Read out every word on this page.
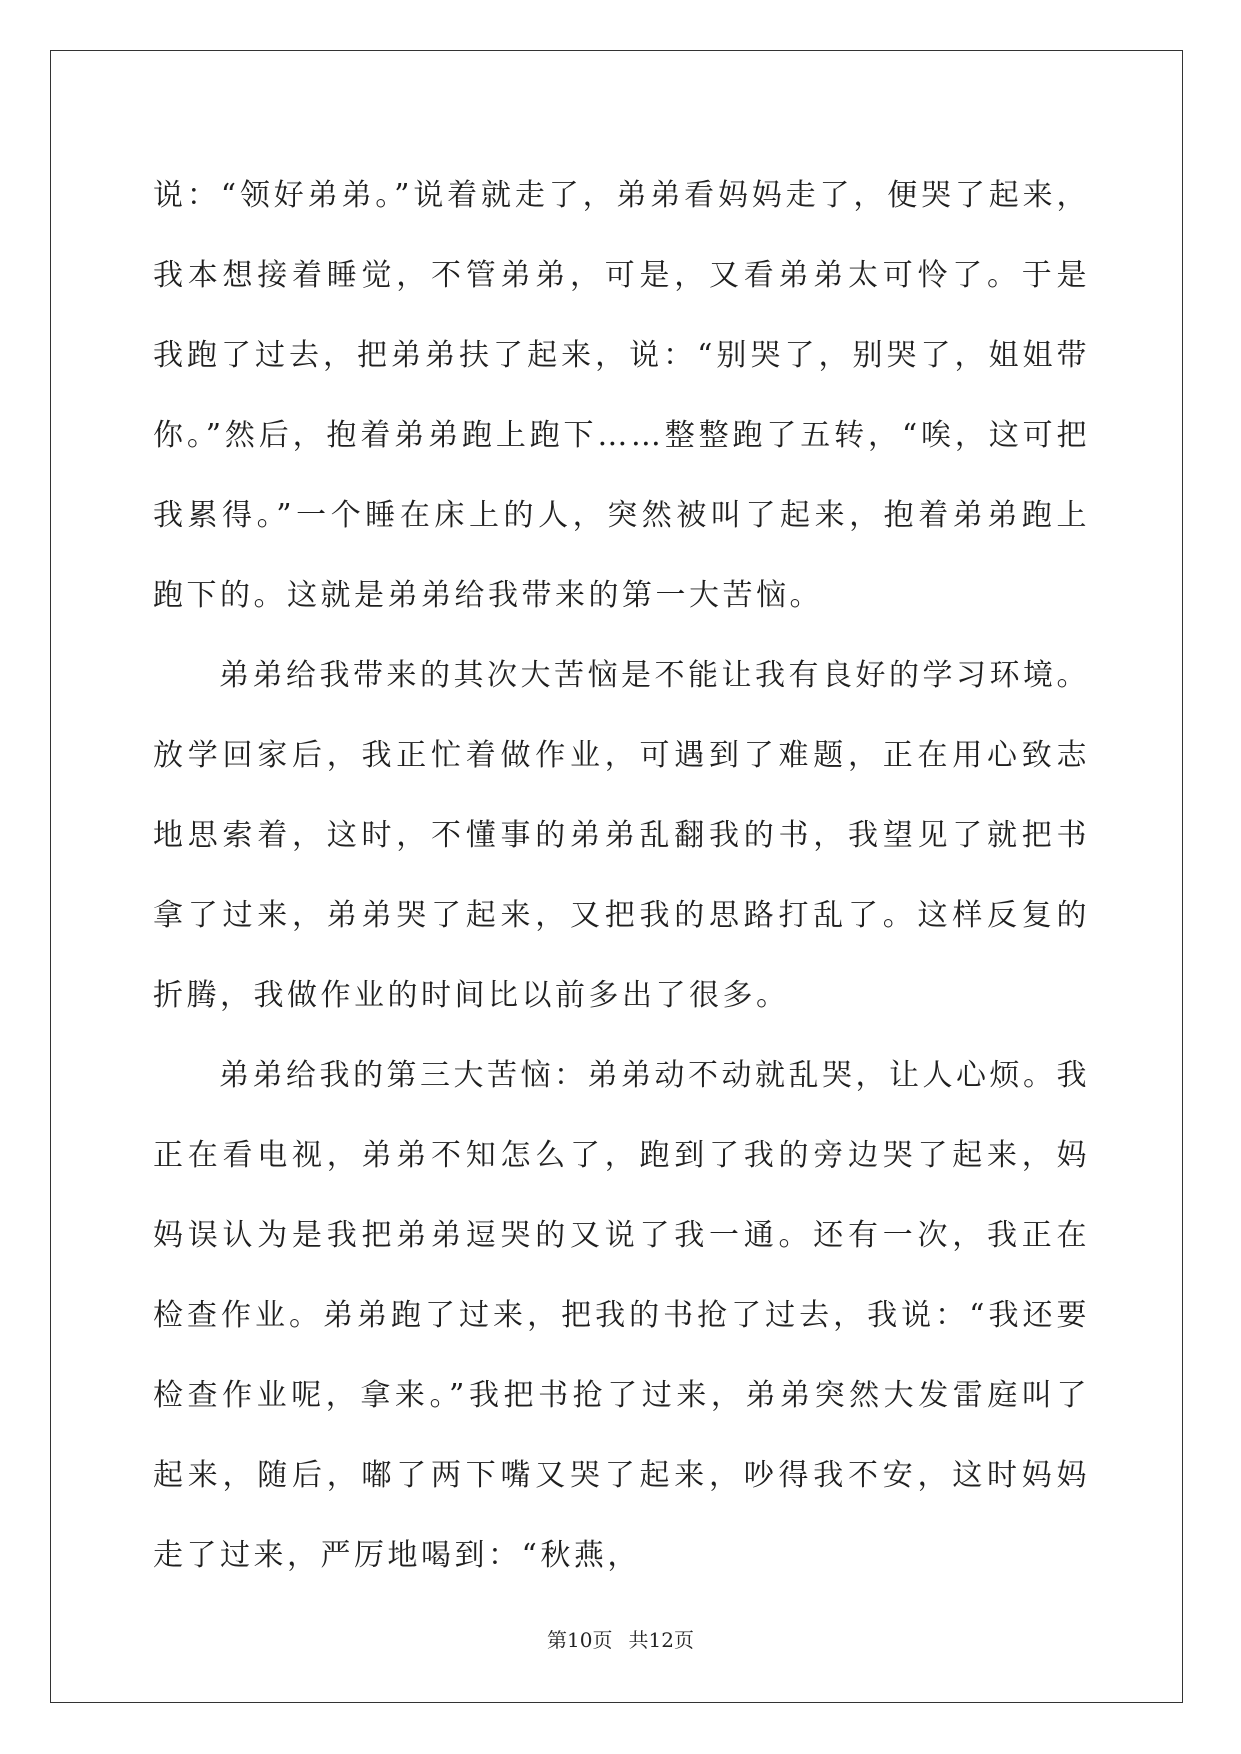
说：“领好弟弟。”说着就走了，弟弟看妈妈走了，便哭了起来，我本想接着睡觉，不管弟弟，可是，又看弟弟太可怜了。于是我跑了过去，把弟弟扶了起来，说：“别哭了，别哭了，姐姐带你。”然后，抱着弟弟跑上跑下……整整跑了五转，“唉，这可把我累得。”一个睡在床上的人，突然被叫了起来，抱着弟弟跑上跑下的。这就是弟弟给我带来的第一大苦恼。

弟弟给我带来的其次大苦恼是不能让我有良好的学习环境。放学回家后，我正忙着做作业，可遇到了难题，正在用心致志地思索着，这时，不懂事的弟弟乱翻我的书，我望见了就把书拿了过来，弟弟哭了起来，又把我的思路打乱了。这样反复的折腾，我做作业的时间比以前多出了很多。

弟弟给我的第三大苦恼：弟弟动不动就乱哭，让人心烦。我正在看电视，弟弟不知怎么了，跑到了我的旁边哭了起来，妈妈误认为是我把弟弟逗哭的又说了我一通。还有一次，我正在检查作业。弟弟跑了过来，把我的书抢了过去，我说：“我还要检查作业呢，拿来。”我把书抢了过来，弟弟突然大发雷庭叫了起来，随后，嘟了两下嘴又哭了起来，吵得我不安，这时妈妈走了过来，严厉地喝到：“秋燕，

第10页 共12页
